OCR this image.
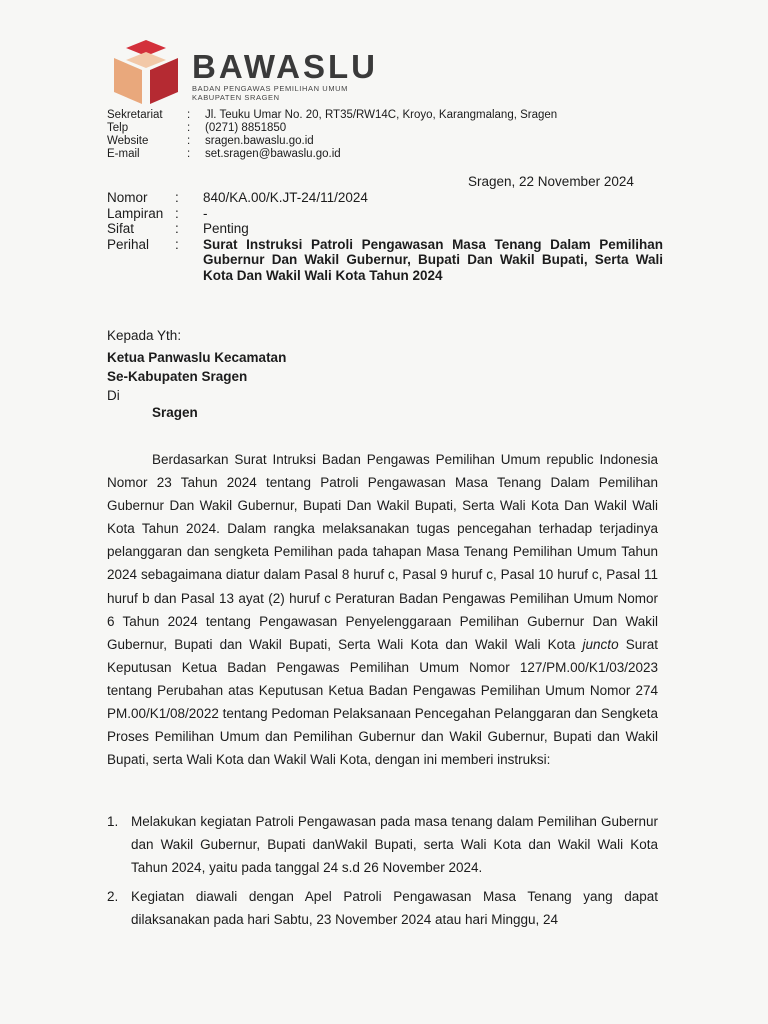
BAWASLU
BADAN PENGAWAS PEMILIHAN UMUM
KABUPATEN SRAGEN
Sekretariat	:	Jl. Teuku Umar No. 20, RT35/RW14C, Kroyo, Karangmalang, Sragen
Telp	:	(0271) 8851850
Website	:	sragen.bawaslu.go.id
E-mail	:	set.sragen@bawaslu.go.id
Sragen, 22 November 2024
Nomor	:	840/KA.00/K.JT-24/11/2024
Lampiran :	-
Sifat	:	Penting
Perihal	:	Surat Instruksi Patroli Pengawasan Masa Tenang Dalam Pemilihan Gubernur Dan Wakil Gubernur, Bupati Dan Wakil Bupati, Serta Wali Kota Dan Wakil Wali Kota Tahun 2024
Kepada Yth:
Ketua Panwaslu Kecamatan
Se-Kabupaten Sragen
Di
Sragen

Berdasarkan Surat Intruksi Badan Pengawas Pemilihan Umum republic Indonesia Nomor 23 Tahun 2024 tentang Patroli Pengawasan Masa Tenang Dalam Pemilihan Gubernur Dan Wakil Gubernur, Bupati Dan Wakil Bupati, Serta Wali Kota Dan Wakil Wali Kota Tahun 2024. Dalam rangka melaksanakan tugas pencegahan terhadap terjadinya pelanggaran dan sengketa Pemilihan pada tahapan Masa Tenang Pemilihan Umum Tahun 2024 sebagaimana diatur dalam Pasal 8 huruf c, Pasal 9 huruf c, Pasal 10 huruf c, Pasal 11 huruf b dan Pasal 13 ayat (2) huruf c Peraturan Badan Pengawas Pemilihan Umum Nomor 6 Tahun 2024 tentang Pengawasan Penyelenggaraan Pemilihan Gubernur Dan Wakil Gubernur, Bupati dan Wakil Bupati, Serta Wali Kota dan Wakil Wali Kota juncto Surat Keputusan Ketua Badan Pengawas Pemilihan Umum Nomor 127/PM.00/K1/03/2023 tentang Perubahan atas Keputusan Ketua Badan Pengawas Pemilihan Umum Nomor 274 PM.00/K1/08/2022 tentang Pedoman Pelaksanaan Pencegahan Pelanggaran dan Sengketa Proses Pemilihan Umum dan Pemilihan Gubernur dan Wakil Gubernur, Bupati dan Wakil Bupati, serta Wali Kota dan Wakil Wali Kota, dengan ini memberi instruksi:

1. Melakukan kegiatan Patroli Pengawasan pada masa tenang dalam Pemilihan Gubernur dan Wakil Gubernur, Bupati danWakil Bupati, serta Wali Kota dan Wakil Wali Kota Tahun 2024, yaitu pada tanggal 24 s.d 26 November 2024.
2. Kegiatan diawali dengan Apel Patroli Pengawasan Masa Tenang yang dapat dilaksanakan pada hari Sabtu, 23 November 2024 atau hari Minggu, 24
